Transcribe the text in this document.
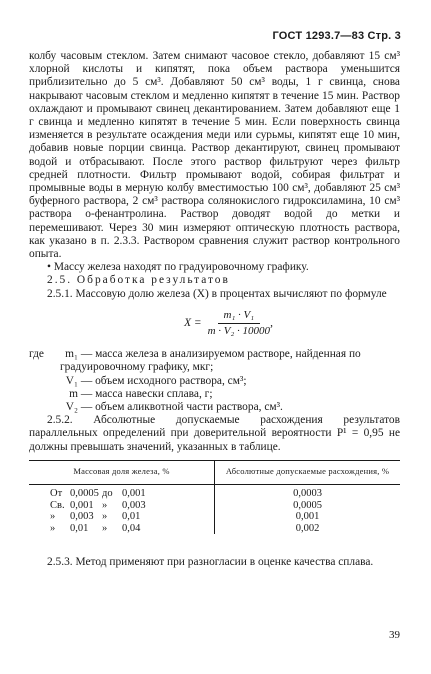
ГОСТ 1293.7—83 Стр. 3

колбу часовым стеклом. Затем снимают часовое стекло, добавляют 15 см³ хлорной кислоты и кипятят, пока объем раствора уменьшится приблизительно до 5 см³. Добавляют 50 см³ воды, 1 г свинца, снова накрывают часовым стеклом и медленно кипятят в течение 15 мин. Раствор охлаждают и промывают свинец декантированием. Затем добавляют еще 1 г свинца и медленно кипятят в течение 5 мин. Если поверхность свинца изменяется в результате осаждения меди или сурьмы, кипятят еще 10 мин, добавив новые порции свинца. Раствор декантируют, свинец промывают водой и отбрасывают. После этого раствор фильтруют через фильтр средней плотности. Фильтр промывают водой, собирая фильтрат и промывные воды в мерную колбу вместимостью 100 см³, добавляют 25 см³ буферного раствора, 2 см³ раствора солянокислого гидроксиламина, 10 см³ раствора о-фенантролина. Раствор доводят водой до метки и перемешивают. Через 30 мин измеряют оптическую плотность раствора, как указано в п. 2.3.3. Раствором сравнения служит раствор контрольного опыта.

• Массу железа находят по градуировочному графику.

2.5. Обработка результатов

2.5.1. Массовую долю железа (X) в процентах вычисляют по формуле

$X = \frac{\text{m₁ · V₁}}{\text{m · V₂ · 10000}}$ ,
где	m₁ — масса железа в анализируемом растворе, найденная по градуировочному графику, мкг;
V₁ — объем исходного раствора, см³;
m — масса навески сплава, г;
V₂ — объем аликвотной части раствора, см³.

2.5.2. Абсолютные допускаемые расхождения результатов параллельных определений при доверительной вероятности P¹ = 0,95 не должны превышать значений, указанных в таблице.

Массовая доля железа, %	Абсолютные допускаемые расхождения, %
От 0,0005 до 0,001	0,0003
Св. 0,001 » 0,003	0,0005
» 0,003 » 0,01	0,001
» 0,01 » 0,04	0,002

2.5.3. Метод применяют при разногласии в оценке качества сплава.

39
